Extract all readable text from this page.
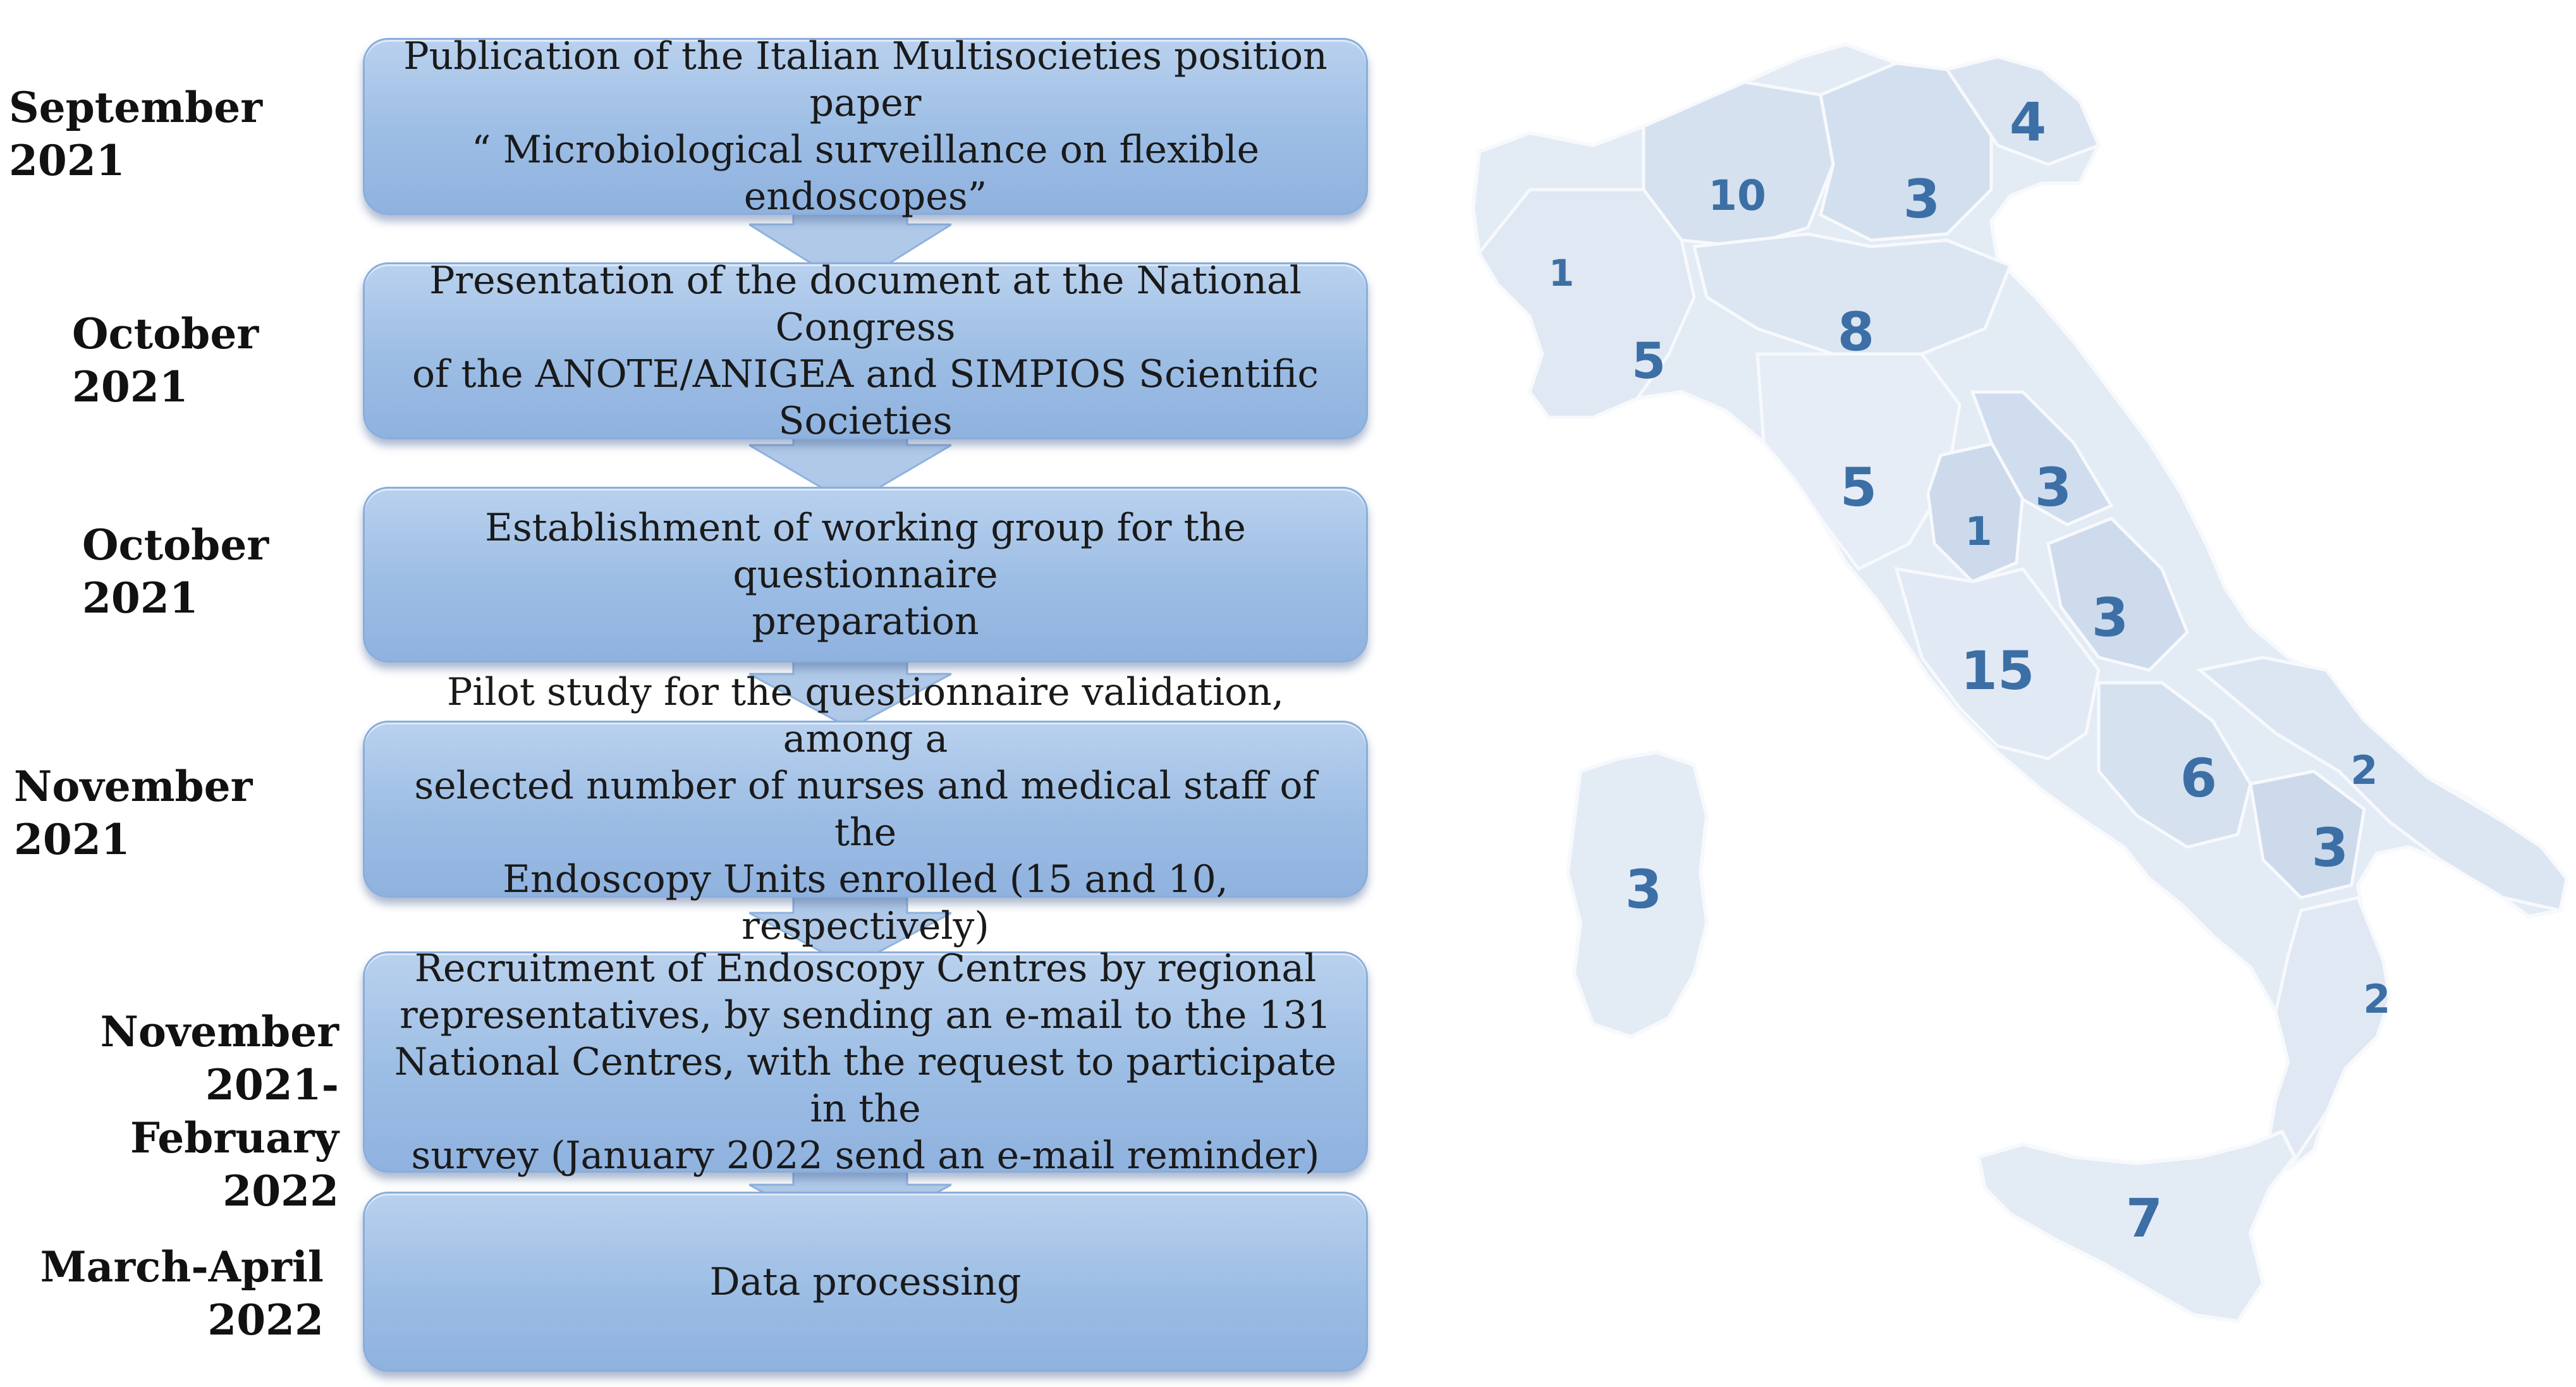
September 2021
Publication of the Italian Multisocieties position paper
“ Microbiological surveillance on flexible endoscopes”
October 2021
Presentation of the document at the National Congress
of the ANOTE/ANIGEA and SIMPIOS Scientific
Societies
October 2021
Establishment of working group for the questionnaire
preparation
November 2021
Pilot study for the questionnaire validation, among a
selected number of nurses and medical staff of the
Endoscopy Units enrolled (15 and 10, respectively)
November 2021-
February 2022
Recruitment of Endoscopy Centres by regional
representatives, by sending an e-mail to the 131
National Centres, with the request to participate in the
survey (January 2022 send an e-mail reminder)
March-April
2022
Data processing
1
5
10
4
3
8
5
1
3
3
15
6	2
3
2
7
3
